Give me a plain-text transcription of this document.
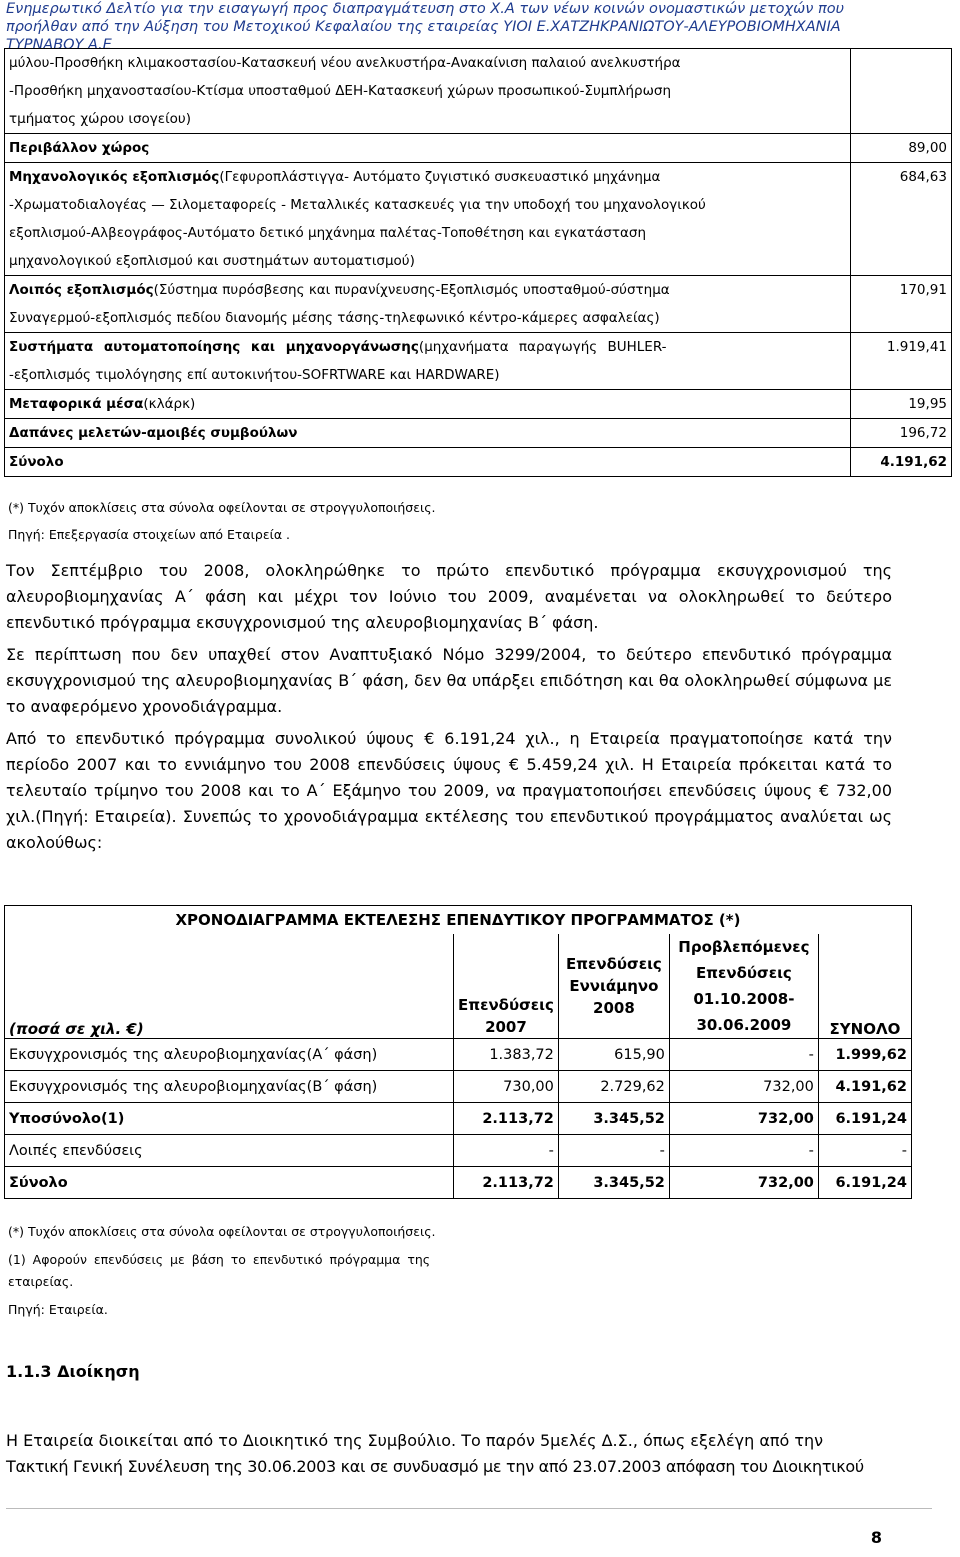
Ενημερωτικό Δελτίο για την εισαγωγή προς διαπραγμάτευση στο Χ.Α των νέων κοινών ονομαστικών μετοχών που
προήλθαν από την Αύξηση του Μετοχικού Κεφαλαίου της εταιρείας ΥΙΟΙ Ε.ΧΑΤΖΗΚΡΑΝΙΩΤΟΥ-ΑΛΕΥΡΟΒΙΟΜΗΧΑΝΙΑ
ΤΥΡΝΑΒΟΥ Α.Ε
μύλου-Προσθήκη κλιμακοστασίου-Κατασκευή νέου ανελκυστήρα-Ανακαίνιση παλαιού ανελκυστήρα	
-Προσθήκη μηχανοστασίου-Κτίσμα υποσταθμού ΔΕΗ-Κατασκευή χώρων προσωπικού-Συμπλήρωση	
τμήματος χώρου ισογείου)	
Περιβάλλον χώρος	89,00
Μηχανολογικός εξοπλισμός(Γεφυροπλάστιγγα- Αυτόματο ζυγιστικό συσκευαστικό μηχάνημα	684,63
-Χρωματοδιαλογέας — Σιλομεταφορείς - Μεταλλικές κατασκευές για την υποδοχή του μηχανολογικού	
εξοπλισμού-Αλβεογράφος-Αυτόματο δετικό μηχάνημα παλέτας-Τοποθέτηση και εγκατάσταση	
μηχανολογικού εξοπλισμού και συστημάτων αυτοματισμού)	
Λοιπός εξοπλισμός(Σύστημα πυρόσβεσης και πυρανίχνευσης-Εξοπλισμός υποσταθμού-σύστημα	170,91
Συναγερμού-εξοπλισμός πεδίου διανομής μέσης τάσης-τηλεφωνικό κέντρο-κάμερες ασφαλείας)	
Συστήματα αυτοματοποίησης και μηχανοργάνωσης(μηχανήματα παραγωγής BUHLER-	1.919,41
-εξοπλισμός τιμολόγησης επί αυτοκινήτου-SOFRTWARE και HARDWARE)	
Μεταφορικά μέσα(κλάρκ)	19,95
Δαπάνες μελετών-αμοιβές συμβούλων	196,72
Σύνολο	4.191,62
(*) Τυχόν αποκλίσεις στα σύνολα οφείλονται σε στρογγυλοποιήσεις.
Πηγή: Επεξεργασία στοιχείων από Εταιρεία .

Τον Σεπτέμβριο του 2008, ολοκληρώθηκε το πρώτο επενδυτικό πρόγραμμα εκσυγχρονισμού της αλευροβιομηχανίας Α΄ φάση και μέχρι τον Ιούνιο του 2009, αναμένεται να ολοκληρωθεί το δεύτερο επενδυτικό πρόγραμμα εκσυγχρονισμού της αλευροβιομηχανίας Β΄ φάση.

Σε περίπτωση που δεν υπαχθεί στον Αναπτυξιακό Νόμο 3299/2004, το δεύτερο επενδυτικό πρόγραμμα εκσυγχρονισμού της αλευροβιομηχανίας Β΄ φάση, δεν θα υπάρξει επιδότηση και θα ολοκληρωθεί σύμφωνα με το αναφερόμενο χρονοδιάγραμμα.

Από το επενδυτικό πρόγραμμα συνολικού ύψους € 6.191,24 χιλ., η Εταιρεία πραγματοποίησε κατά την περίοδο 2007 και το εννιάμηνο του 2008 επενδύσεις ύψους € 5.459,24 χιλ. Η Εταιρεία πρόκειται κατά το τελευταίο τρίμηνο του 2008 και το Α΄ Εξάμηνο του 2009, να πραγματοποιήσει επενδύσεις ύψους € 732,00 χιλ.(Πηγή: Εταιρεία). Συνεπώς το χρονοδιάγραμμα εκτέλεσης του επενδυτικού προγράμματος αναλύεται ως ακολούθως:

ΧΡΟΝΟΔΙΑΓΡΑΜΜΑ ΕΚΤΕΛΕΣΗΣ ΕΠΕΝΔΥΤΙΚΟΥ ΠΡΟΓΡΑΜΜΑΤΟΣ (*)				
(ποσά σε χιλ. €)	Επενδύσεις 2007	Επενδύσεις Εννιάμηνο
2008	Προβλεπόμενες
Επενδύσεις
01.10.2008-
30.06.2009	ΣΥΝΟΛΟ
Εκσυγχρονισμός της αλευροβιομηχανίας(Α΄ φάση)	1.383,72	615,90	-	1.999,62
Εκσυγχρονισμός της αλευροβιομηχανίας(Β΄ φάση)	730,00	2.729,62	732,00	4.191,62
Υποσύνολο(1)	2.113,72	3.345,52	732,00	6.191,24
Λοιπές επενδύσεις	-	-	-	-
Σύνολο	2.113,72	3.345,52	732,00	6.191,24
(*) Τυχόν αποκλίσεις στα σύνολα οφείλονται σε στρογγυλοποιήσεις.
(1) Αφορούν επενδύσεις με βάση το επενδυτικό πρόγραμμα της
εταιρείας.
Πηγή: Εταιρεία.
1.1.3 Διοίκηση
Η Εταιρεία διοικείται από το Διοικητικό της Συμβούλιο. Το παρόν 5μελές Δ.Σ., όπως εξελέγη από την
Τακτική Γενική Συνέλευση της 30.06.2003 και σε συνδυασμό με την από 23.07.2003 απόφαση του Διοικητικού
8
